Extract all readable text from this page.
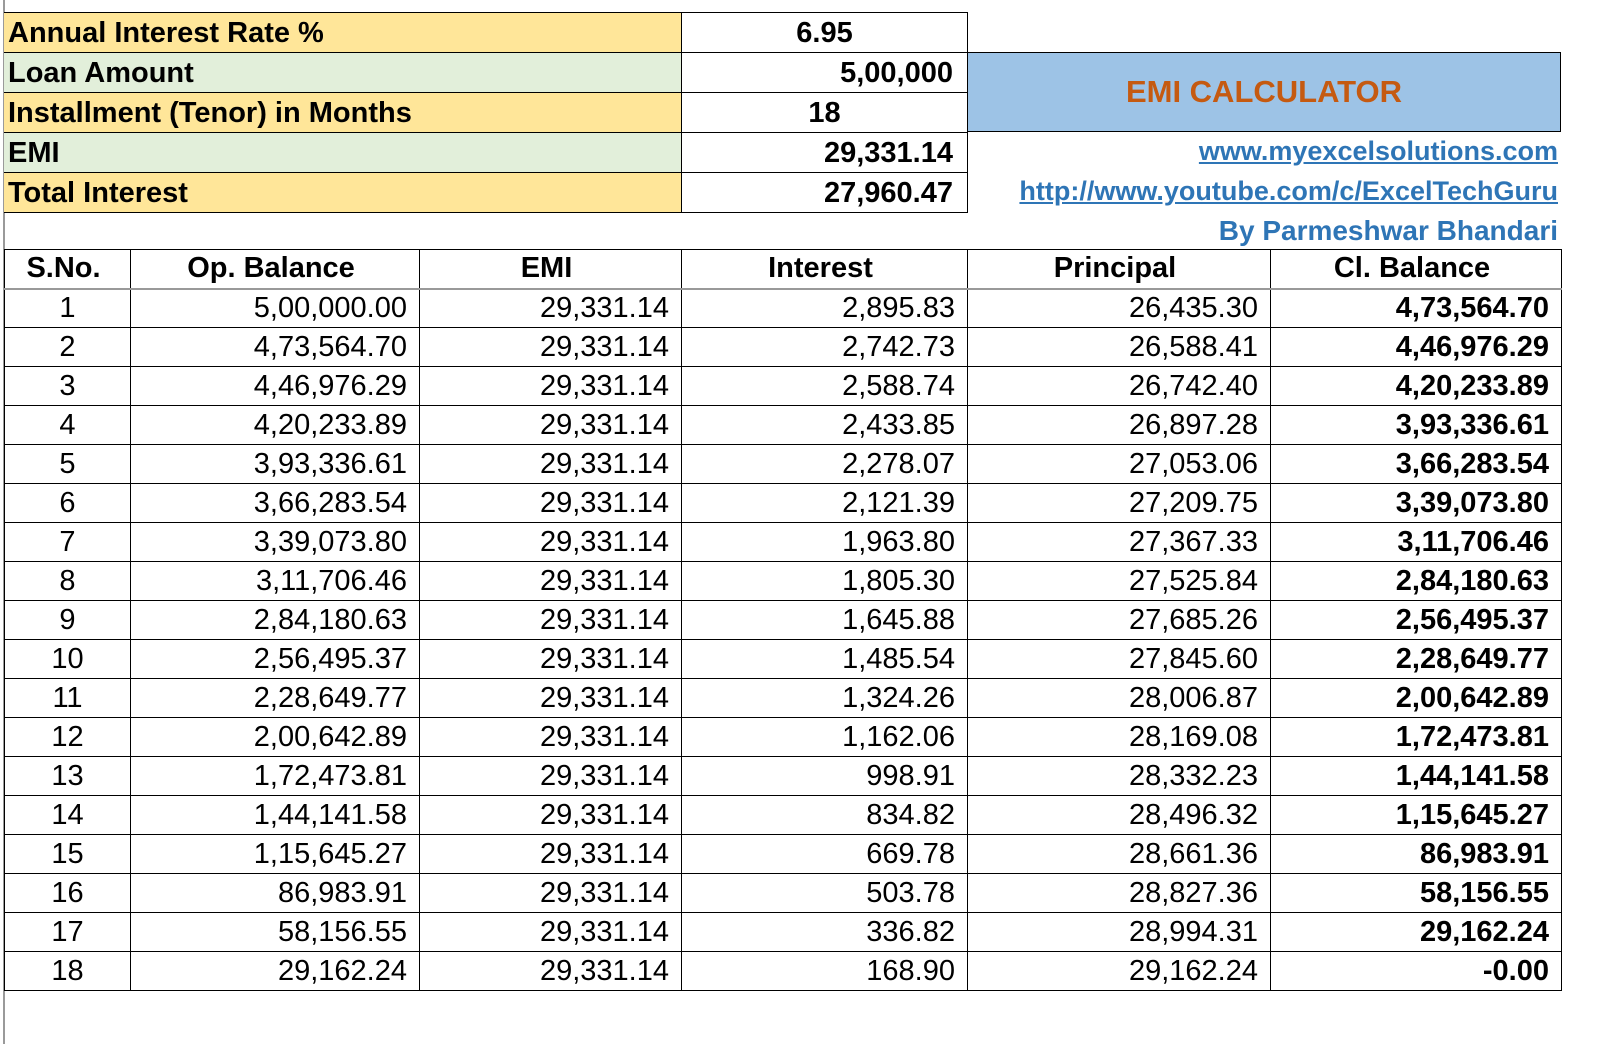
Annual Interest Rate %	6.95
Loan Amount	5,00,000
Installment (Tenor) in Months	18
EMI	29,331.14
Total Interest	27,960.47
EMI CALCULATOR
www.myexcelsolutions.com
http://www.youtube.com/c/ExcelTechGuru
By Parmeshwar Bhandari
S.No.	Op. Balance	EMI	Interest	Principal	Cl. Balance
1	5,00,000.00	29,331.14	2,895.83	26,435.30	4,73,564.70
2	4,73,564.70	29,331.14	2,742.73	26,588.41	4,46,976.29
3	4,46,976.29	29,331.14	2,588.74	26,742.40	4,20,233.89
4	4,20,233.89	29,331.14	2,433.85	26,897.28	3,93,336.61
5	3,93,336.61	29,331.14	2,278.07	27,053.06	3,66,283.54
6	3,66,283.54	29,331.14	2,121.39	27,209.75	3,39,073.80
7	3,39,073.80	29,331.14	1,963.80	27,367.33	3,11,706.46
8	3,11,706.46	29,331.14	1,805.30	27,525.84	2,84,180.63
9	2,84,180.63	29,331.14	1,645.88	27,685.26	2,56,495.37
10	2,56,495.37	29,331.14	1,485.54	27,845.60	2,28,649.77
11	2,28,649.77	29,331.14	1,324.26	28,006.87	2,00,642.89
12	2,00,642.89	29,331.14	1,162.06	28,169.08	1,72,473.81
13	1,72,473.81	29,331.14	998.91	28,332.23	1,44,141.58
14	1,44,141.58	29,331.14	834.82	28,496.32	1,15,645.27
15	1,15,645.27	29,331.14	669.78	28,661.36	86,983.91
16	86,983.91	29,331.14	503.78	28,827.36	58,156.55
17	58,156.55	29,331.14	336.82	28,994.31	29,162.24
18	29,162.24	29,331.14	168.90	29,162.24	-0.00
